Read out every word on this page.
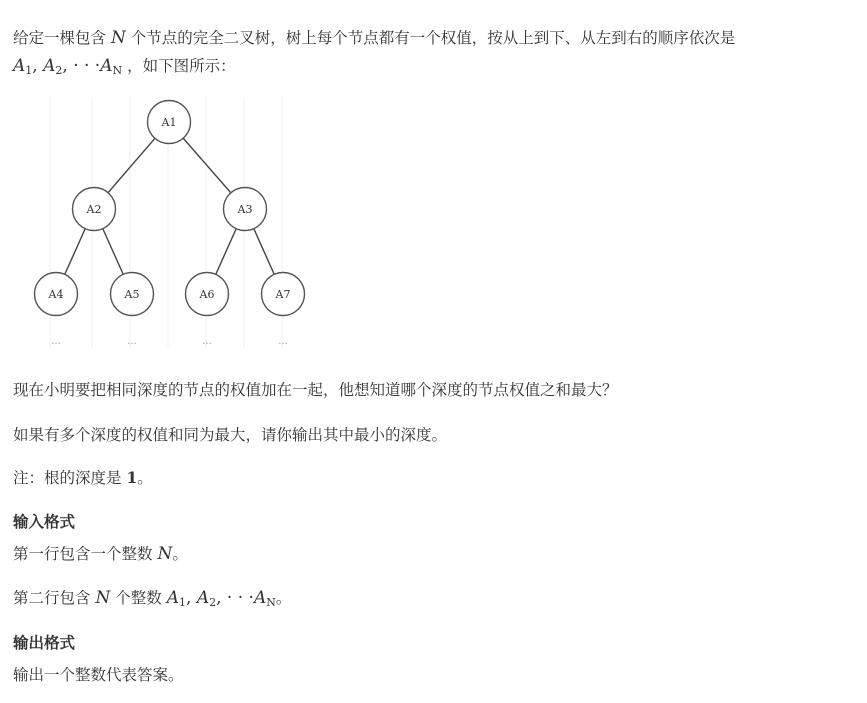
给定一棵包含 N 个节点的完全二叉树，树上每个节点都有一个权值，按从上到下、从左到右的顺序依次是
$A_1$, $A_2$, · · $\cdot A_N$ ，如下图所示：
A1
A2	A3
A4	A5	A6	A7
...	...	...	...
现在小明要把相同深度的节点的权值加在一起，他想知道哪个深度的节点权值之和最大？
如果有多个深度的权值和同为最大，请你输出其中最小的深度。
注：根的深度是 1。
输入格式
第一行包含一个整数 N。
第二行包含 N 个整数 $A_1$, $A_2$, · · $\cdot A_N$。
输出格式
输出一个整数代表答案。
